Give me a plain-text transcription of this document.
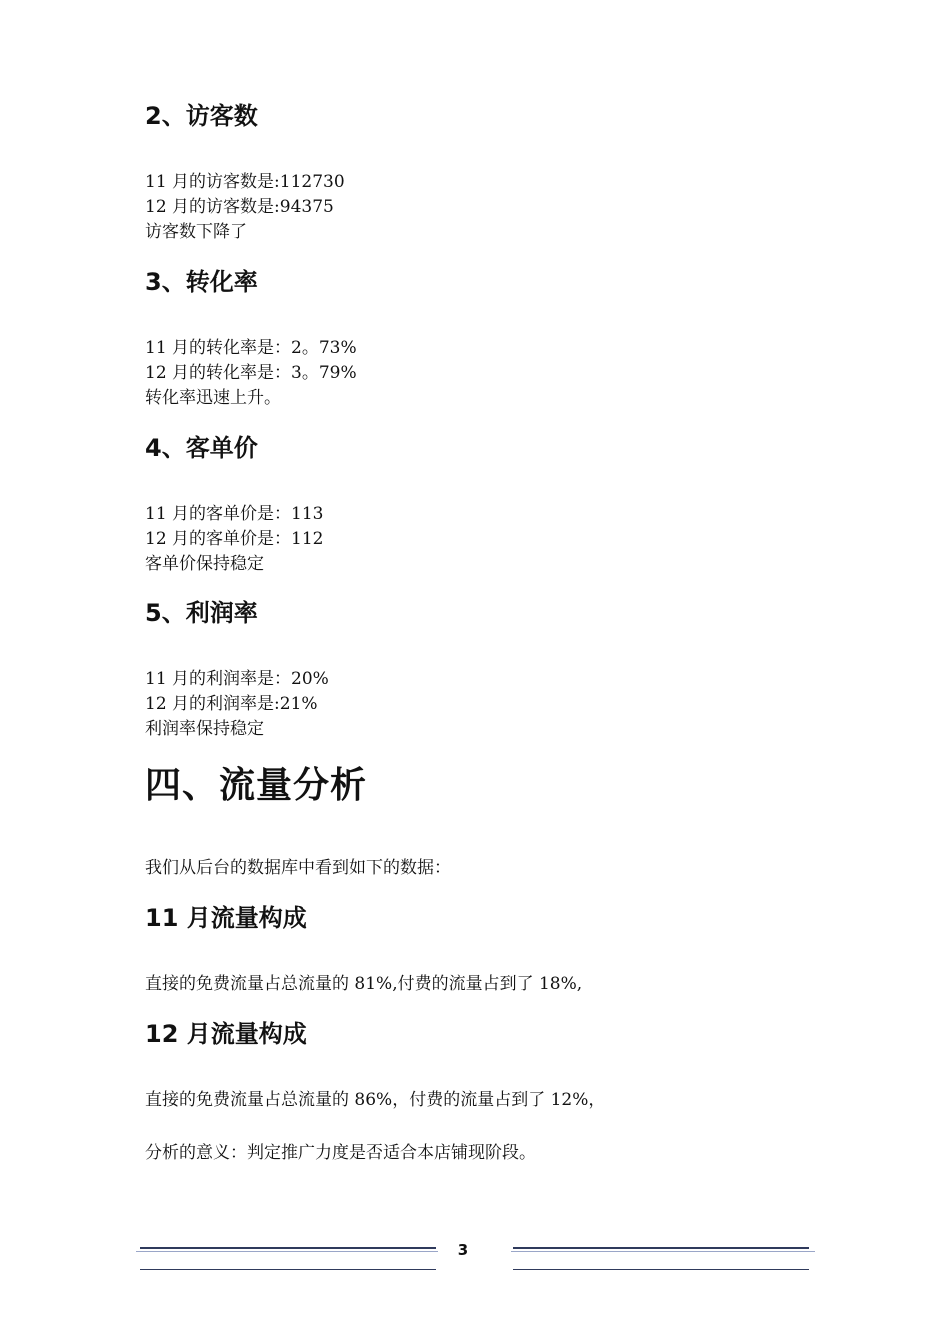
2、访客数
11 月的访客数是:112730
12 月的访客数是:94375
访客数下降了
3、转化率
11 月的转化率是：2。73%
12 月的转化率是：3。79%
转化率迅速上升。
4、客单价
11 月的客单价是：113
12 月的客单价是：112
客单价保持稳定
5、利润率
11 月的利润率是：20%
12 月的利润率是:21%
利润率保持稳定
四、流量分析
我们从后台的数据库中看到如下的数据：
11 月流量构成
直接的免费流量占总流量的 81%,付费的流量占到了 18%,
12 月流量构成
直接的免费流量占总流量的 86%，付费的流量占到了 12%，
分析的意义：判定推广力度是否适合本店铺现阶段。
3
